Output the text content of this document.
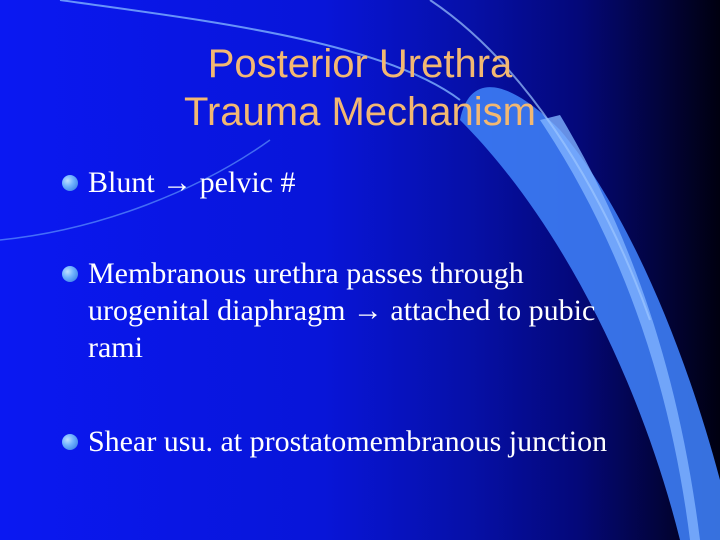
Posterior Urethra
Trauma Mechanism
Blunt → pelvic #
Membranous urethra passes through
urogenital diaphragm → attached to pubic
rami
Shear usu. at prostatomembranous junction
